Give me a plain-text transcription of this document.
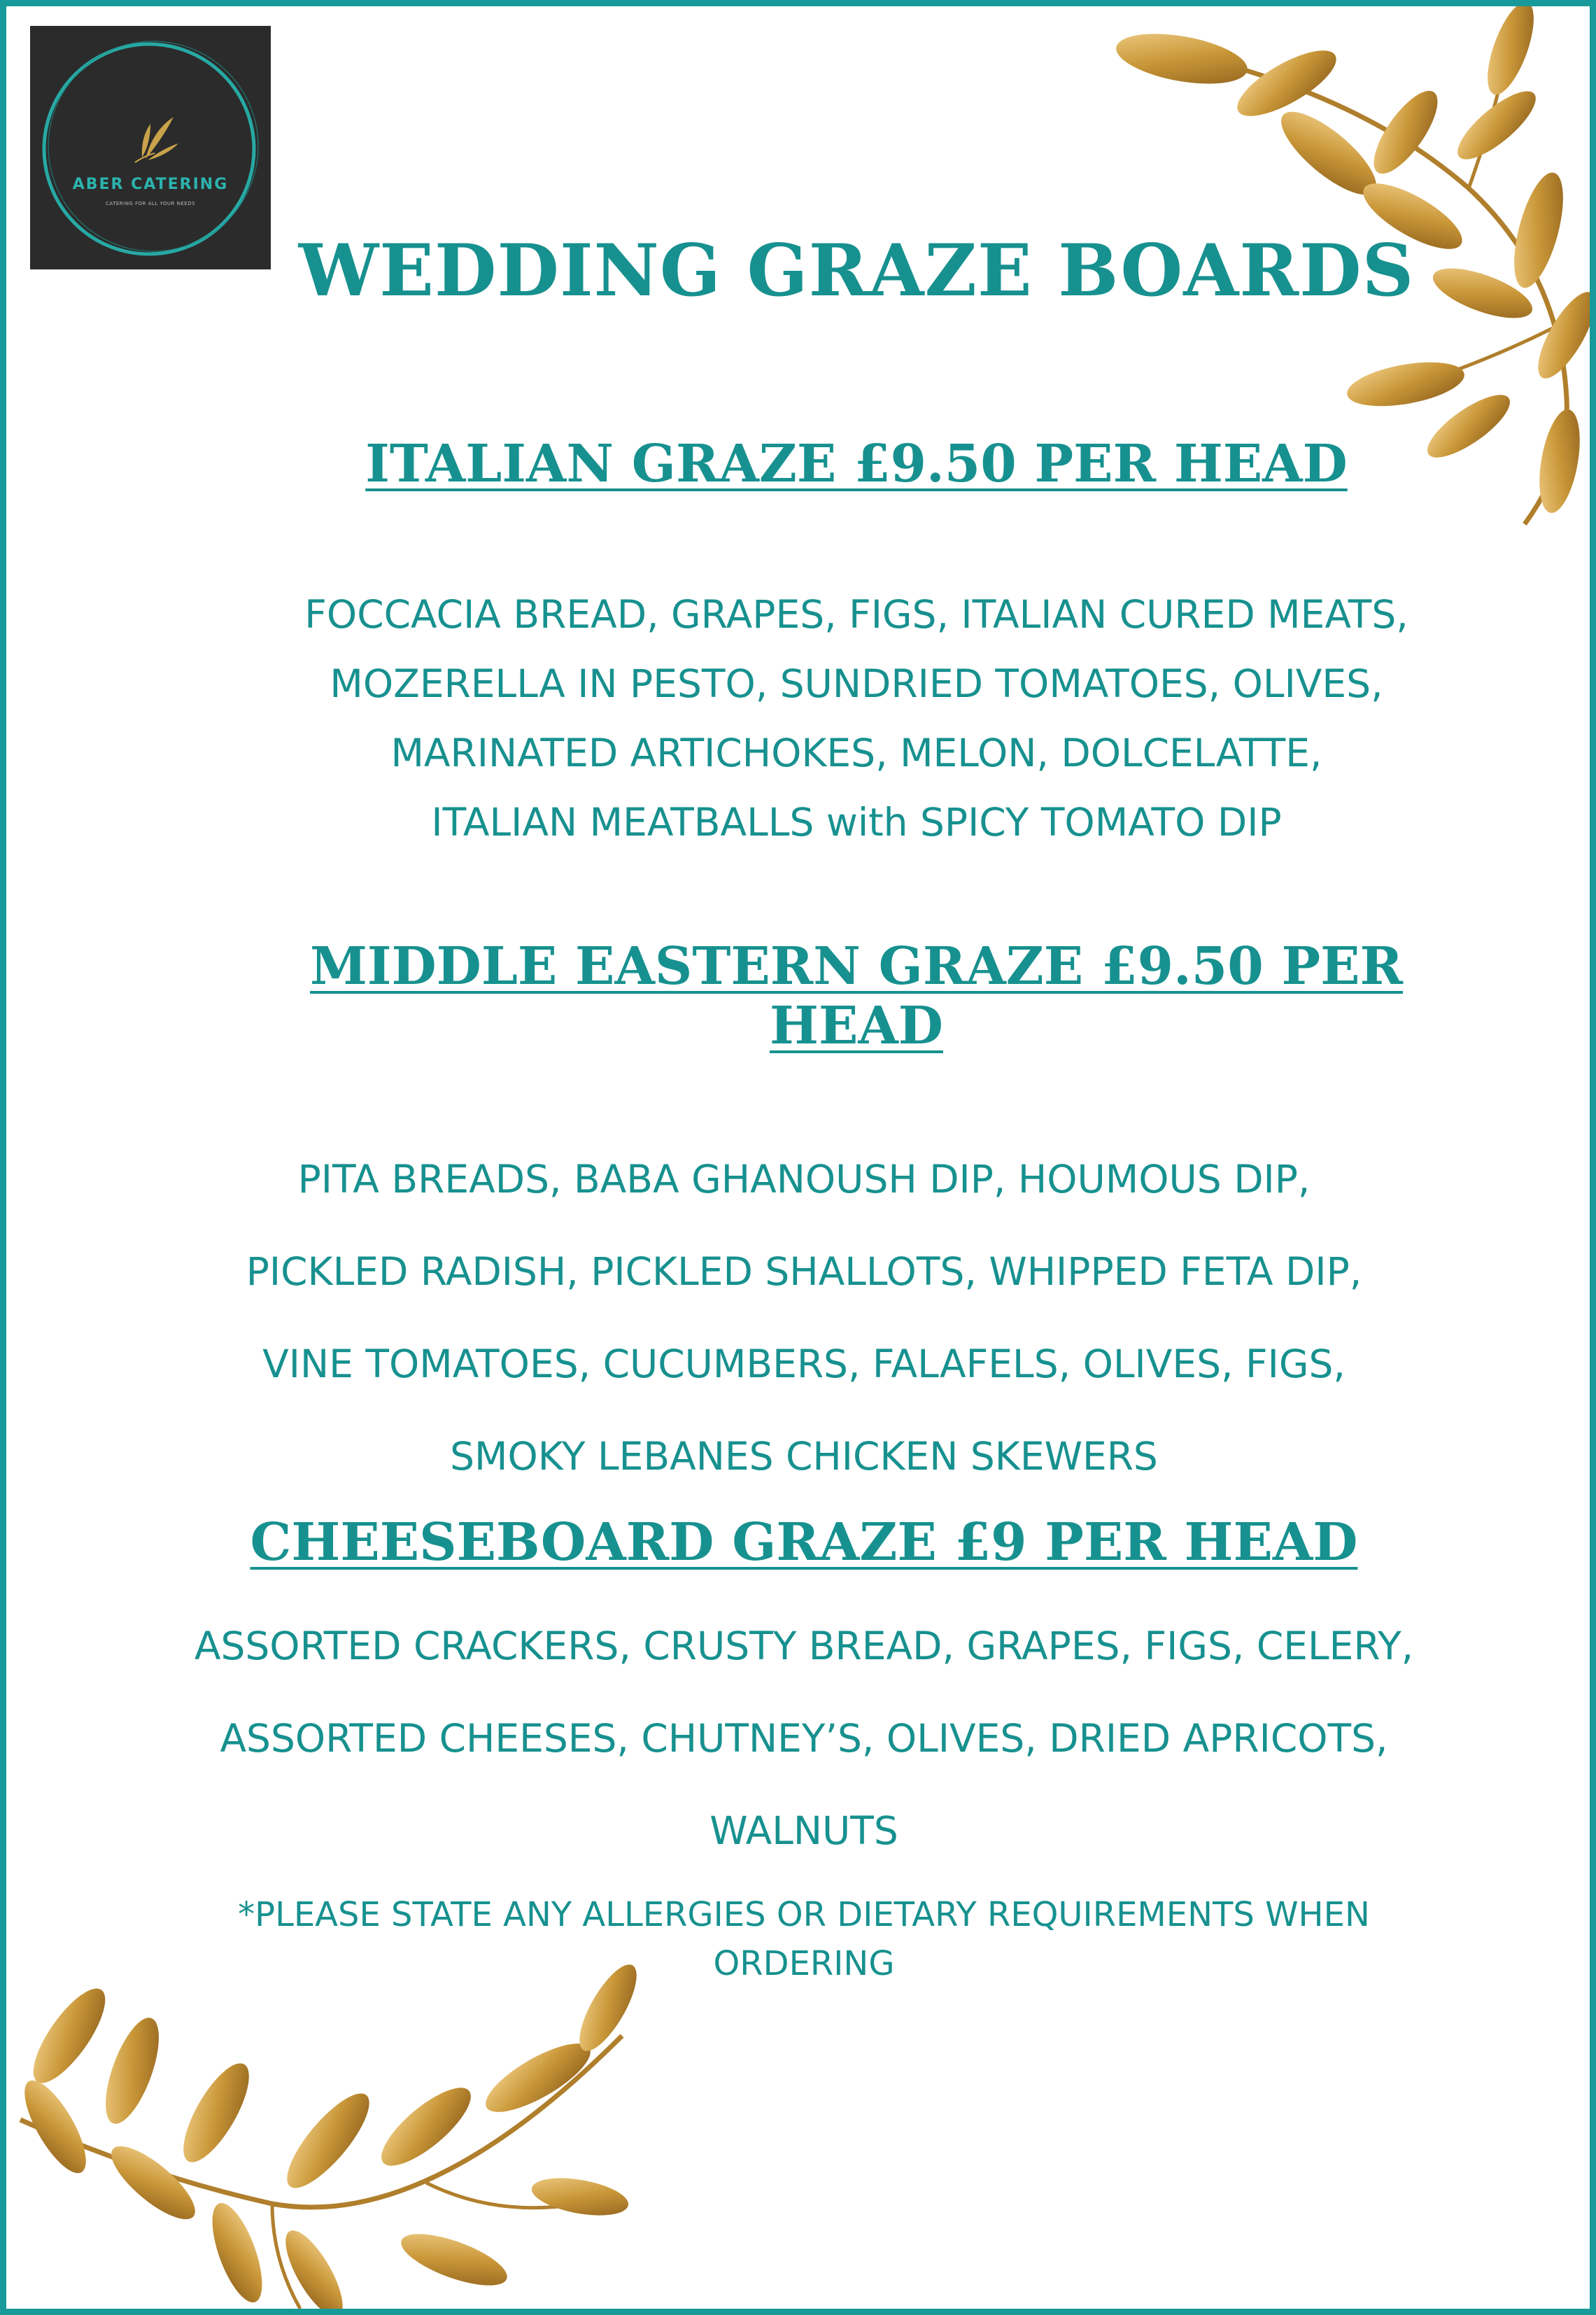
ABER CATERING
CATERING FOR ALL YOUR NEEDS
WEDDING GRAZE BOARDS
ITALIAN GRAZE £9.50 PER HEAD
FOCCACIA BREAD, GRAPES, FIGS, ITALIAN CURED MEATS,
MOZERELLA IN PESTO, SUNDRIED TOMATOES, OLIVES,
MARINATED ARTICHOKES, MELON, DOLCELATTE,
ITALIAN MEATBALLS with SPICY TOMATO DIP
MIDDLE EASTERN GRAZE £9.50 PER
HEAD
PITA BREADS, BABA GHANOUSH DIP, HOUMOUS DIP,
PICKLED RADISH, PICKLED SHALLOTS, WHIPPED FETA DIP,
VINE TOMATOES, CUCUMBERS, FALAFELS, OLIVES, FIGS,
SMOKY LEBANES CHICKEN SKEWERS
CHEESEBOARD GRAZE £9 PER HEAD
ASSORTED CRACKERS, CRUSTY BREAD, GRAPES, FIGS, CELERY,
ASSORTED CHEESES, CHUTNEY’S, OLIVES, DRIED APRICOTS,
WALNUTS
*PLEASE STATE ANY ALLERGIES OR DIETARY REQUIREMENTS WHEN
ORDERING
